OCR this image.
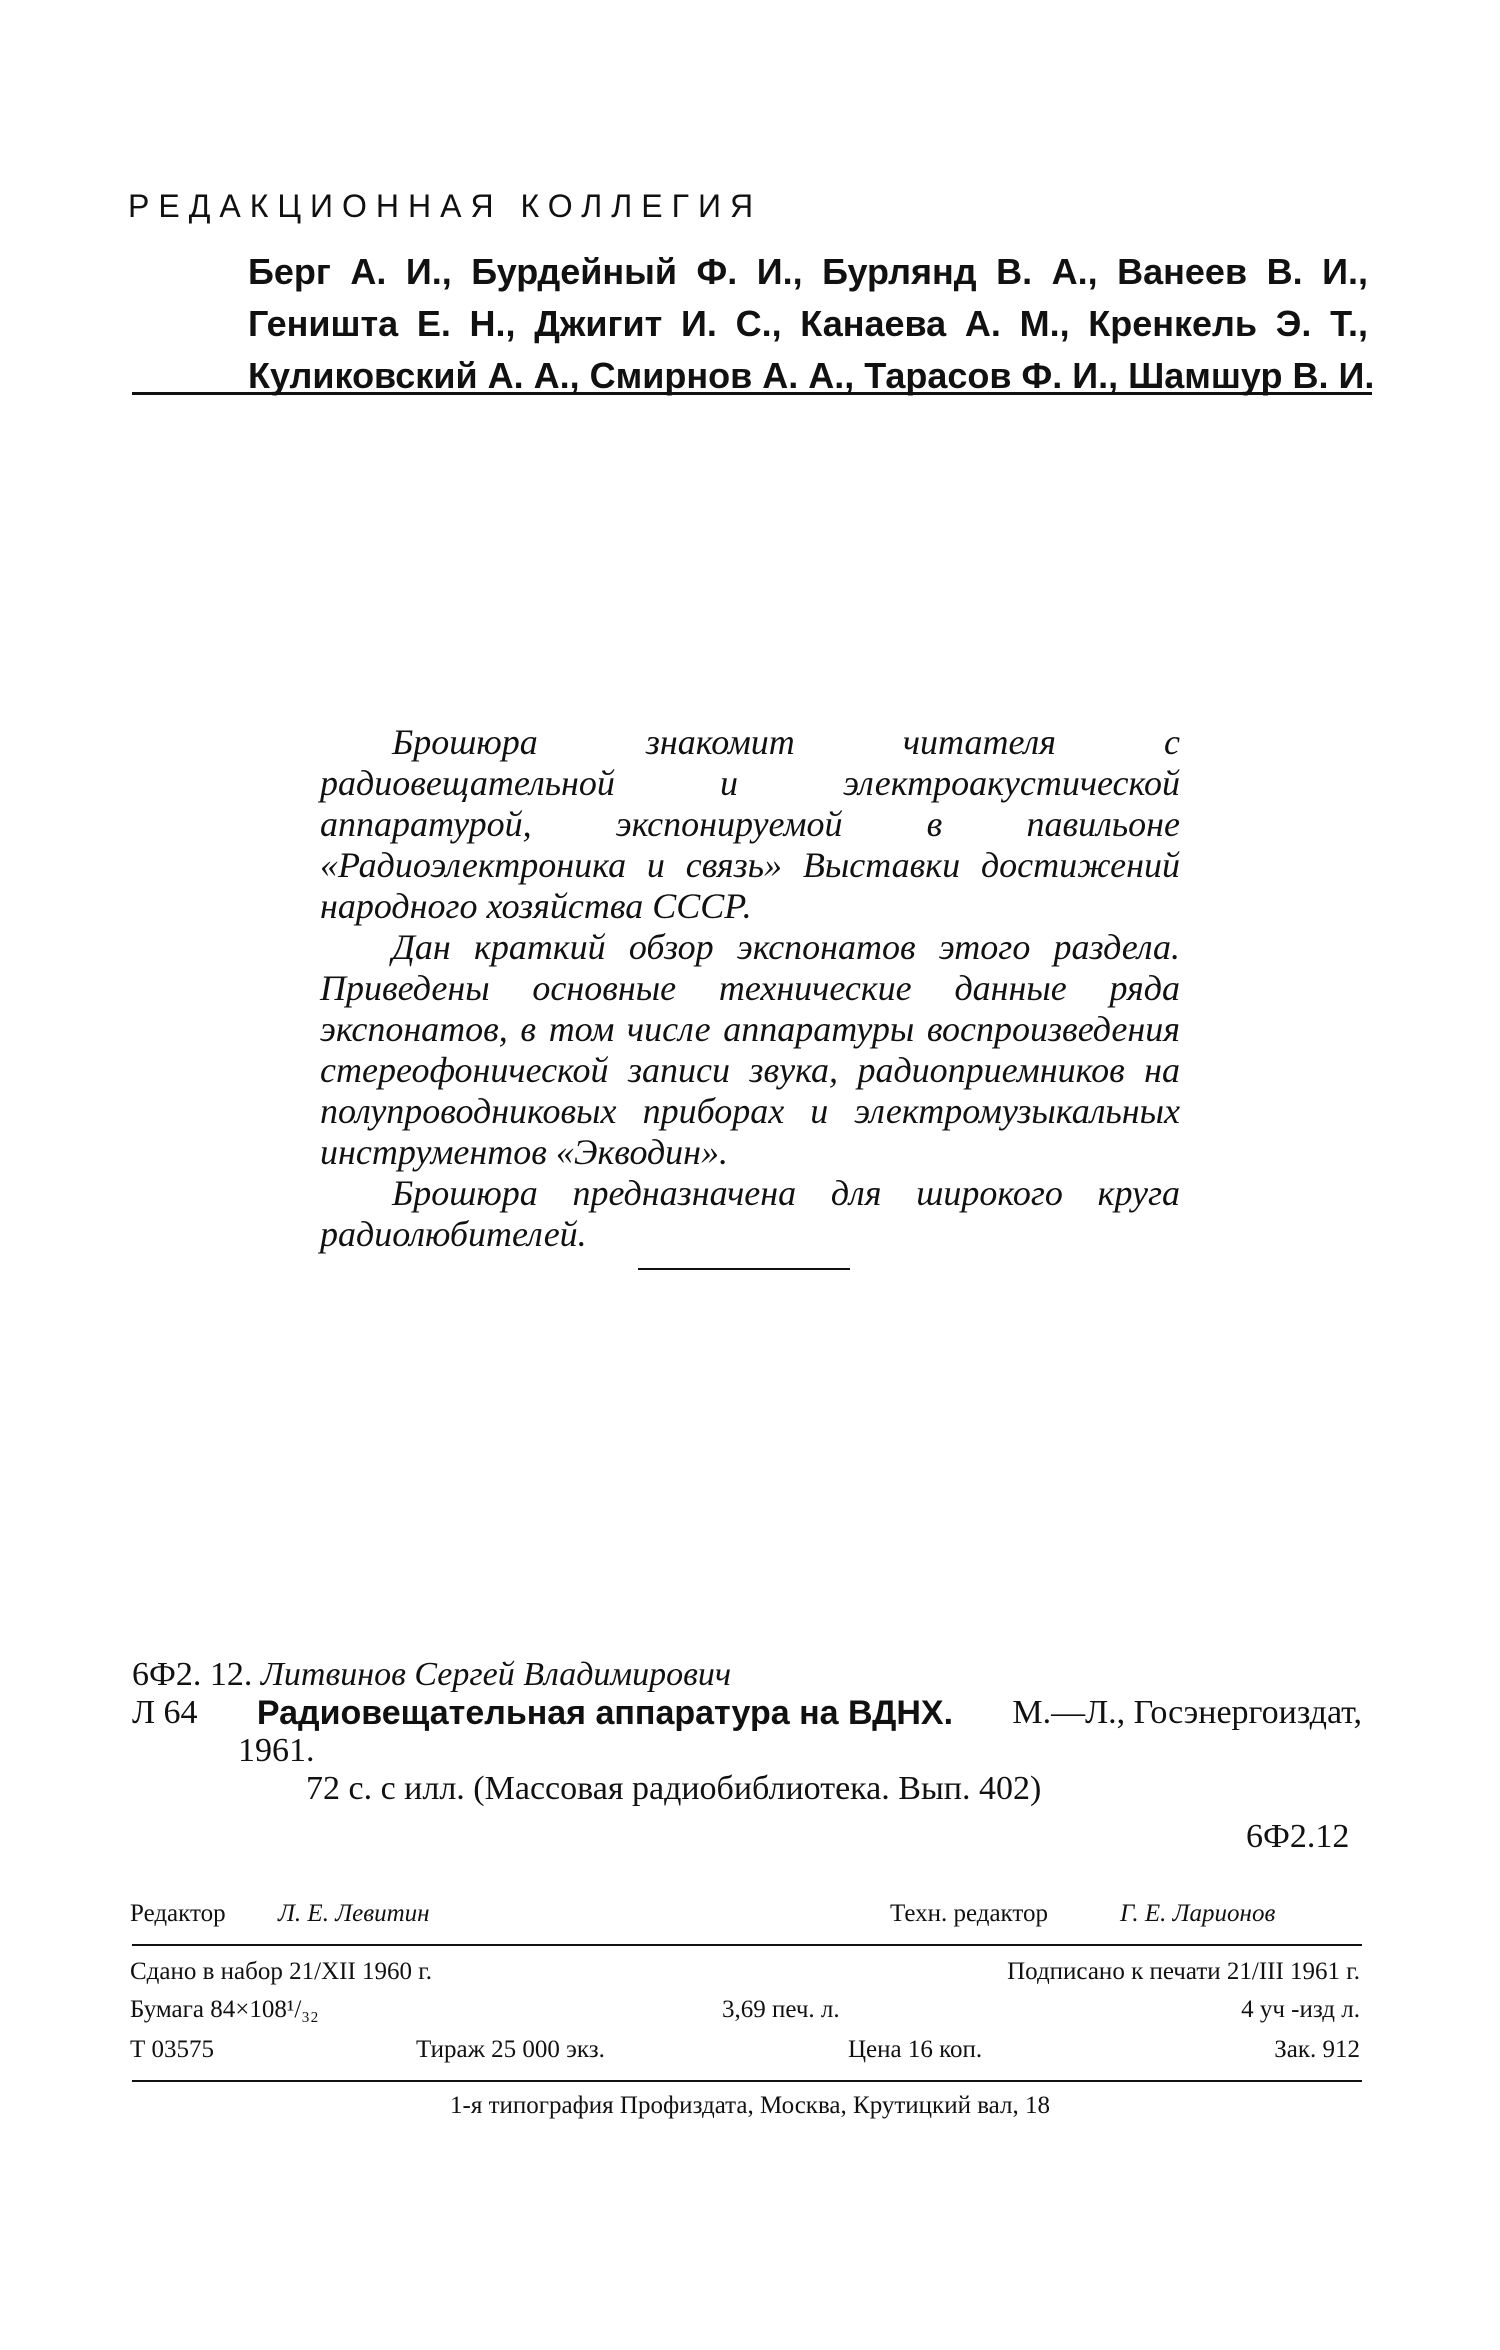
РЕДАКЦИОННАЯ КОЛЛЕГИЯ
Берг А. И., Бурдейный Ф. И., Бурлянд В. А., Ванеев В. И.,
Геништа Е. Н., Джигит И. С., Канаева А. М., Кренкель Э. Т.,
Куликовский А. А., Смирнов А. А., Тарасов Ф. И., Шамшур В. И.

Брошюра знакомит читателя с радиовещательной и электроакустической аппаратурой, экспонируемой в павильоне «Радиоэлектроника и связь» Выставки достижений народного хозяйства СССР.

Дан краткий обзор экспонатов этого раздела. Приведены основные технические данные ряда экспонатов, в том числе аппаратуры воспроизведения стереофонической записи звука, радиоприемников на полупроводниковых приборах и электромузыкальных инструментов «Экводин».

Брошюра предназначена для широкого круга радиолюбителей.

6Ф2. 12. Литвинов Сергей Владимирович
Л 64 Радиовещательная аппаратура на ВДНХ. М.—Л., Госэнергоиздат,
1961.
72 с. с илл. (Массовая радиобиблиотека. Вып. 402)
6Ф2.12
Редактор Л. Е. Левитин	Техн. редактор	Г. Е. Ларионов
Сдано в набор 21/XII 1960 г.	Подписано к печати 21/III 1961 г.
Бумага 84×108¹/₃₂	3,69 печ. л.	4 уч -изд л.
Т 03575	Тираж 25 000 экз.	Цена 16 коп.	Зак. 912
1-я типография Профиздата, Москва, Крутицкий вал, 18
